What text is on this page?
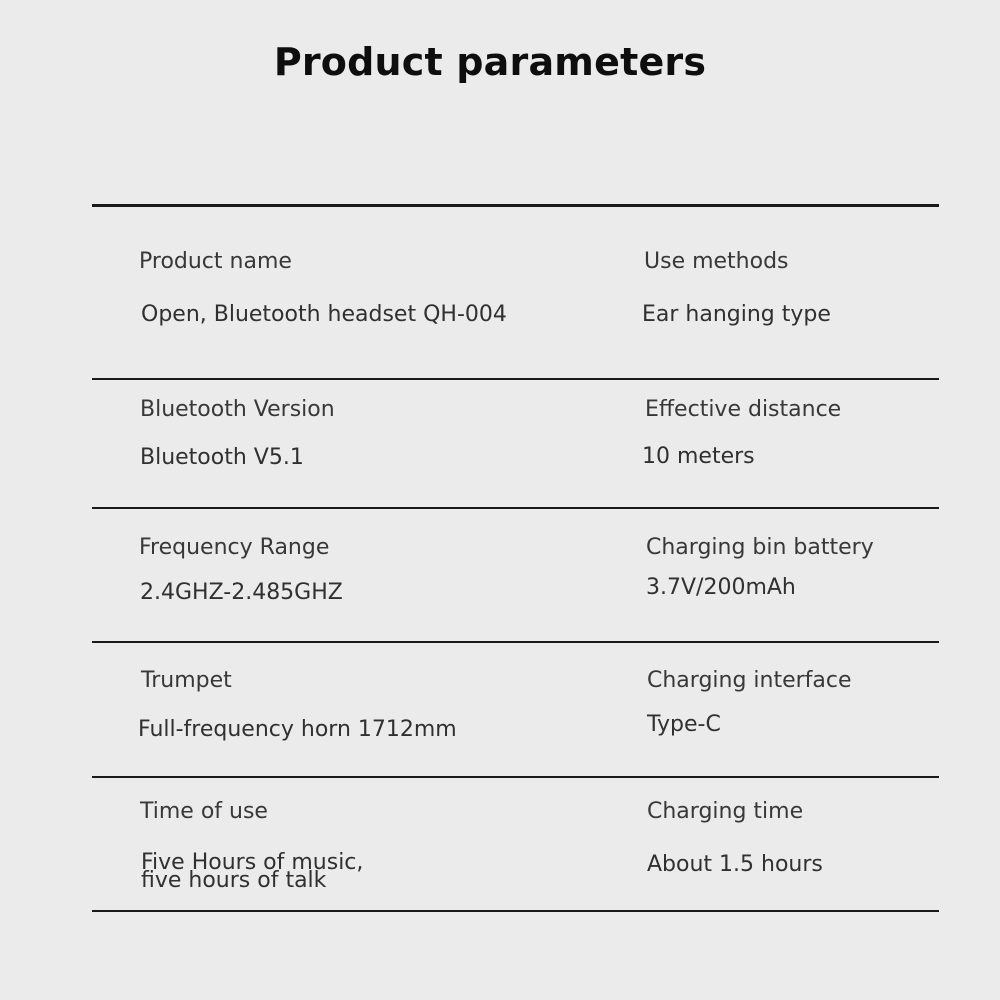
Product parameters
Product name
Open, Bluetooth headset QH-004
Use methods
Ear hanging type
Bluetooth Version
Bluetooth V5.1
Effective distance
10 meters
Frequency Range
2.4GHZ-2.485GHZ
Charging bin battery
3.7V/200mAh
Trumpet
Full-frequency horn 1712mm
Charging interface
Type-C
Time of use
Five Hours of music,
five hours of talk
Charging time
About 1.5 hours
